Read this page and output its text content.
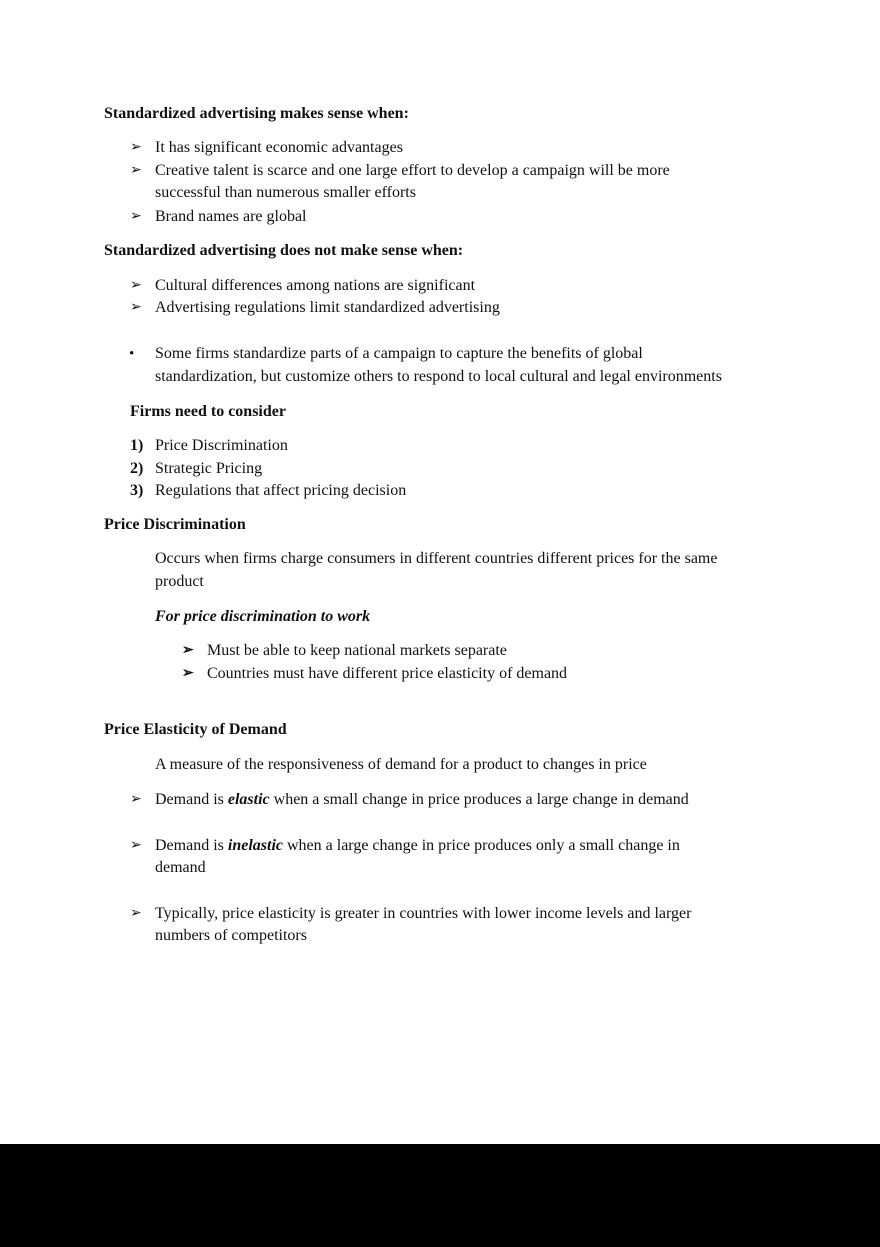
Standardized advertising makes sense when:
➢ It has significant economic advantages
➢ Creative talent is scarce and one large effort to develop a campaign will be more
successful than numerous smaller efforts
➢ Brand names are global
Standardized advertising does not make sense when:
➢ Cultural differences among nations are significant
➢ Advertising regulations limit standardized advertising
• Some firms standardize parts of a campaign to capture the benefits of global
standardization, but customize others to respond to local cultural and legal environments
Firms need to consider
1) Price Discrimination
2) Strategic Pricing
3) Regulations that affect pricing decision
Price Discrimination
Occurs when firms charge consumers in different countries different prices for the same
product
For price discrimination to work
➢ Must be able to keep national markets separate
➢ Countries must have different price elasticity of demand
Price Elasticity of Demand
A measure of the responsiveness of demand for a product to changes in price
➢ Demand is elastic when a small change in price produces a large change in demand
➢ Demand is inelastic when a large change in price produces only a small change in
demand
➢ Typically, price elasticity is greater in countries with lower income levels and larger
numbers of competitors
